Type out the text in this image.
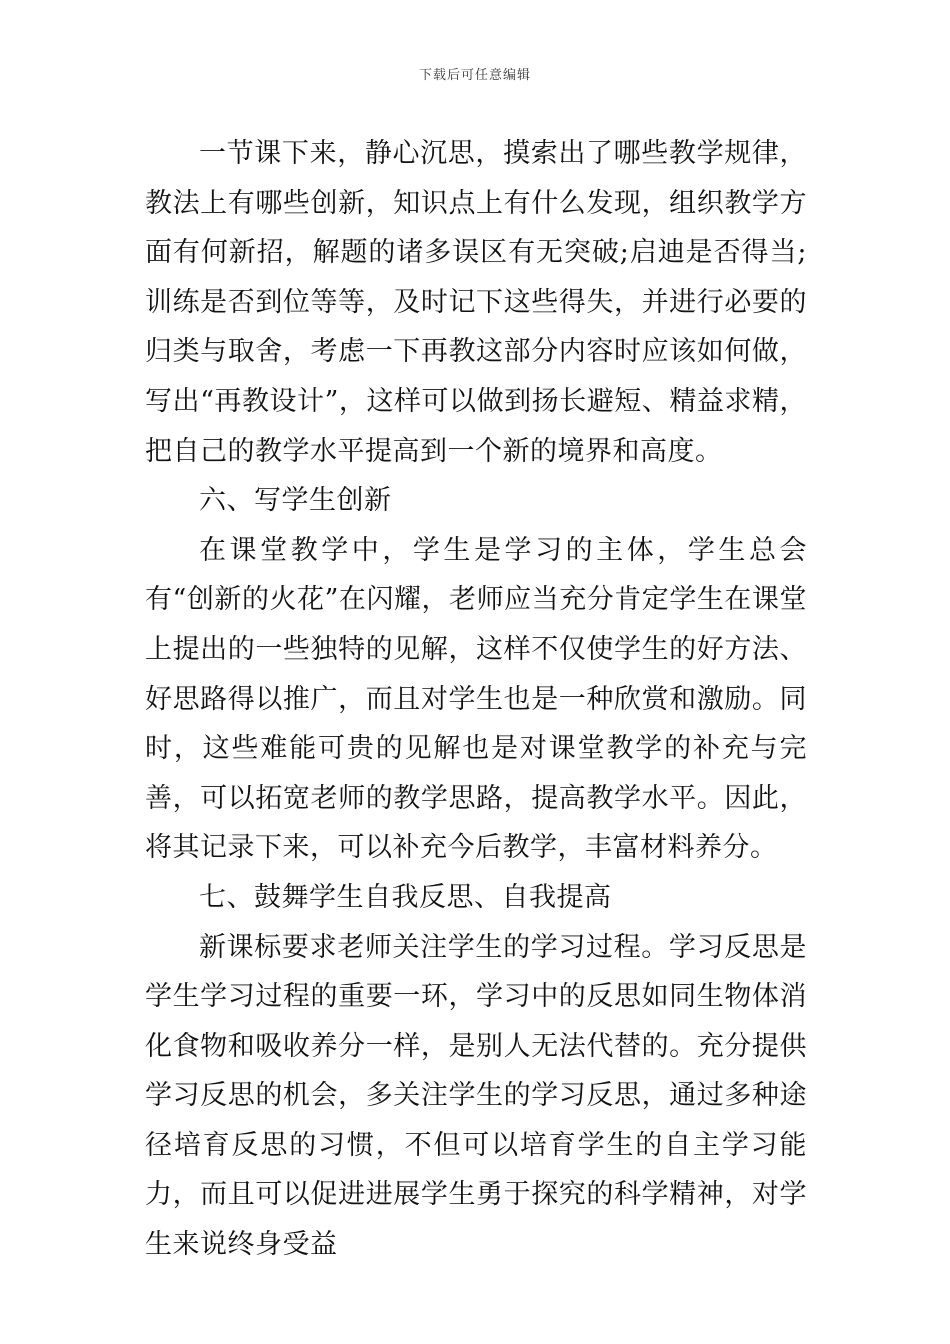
下载后可任意编辑

一节课下来，静心沉思，摸索出了哪些教学规律，教法上有哪些创新，知识点上有什么发现，组织教学方面有何新招，解题的诸多误区有无突破;启迪是否得当;训练是否到位等等，及时记下这些得失，并进行必要的归类与取舍，考虑一下再教这部分内容时应该如何做，写出“再教设计”，这样可以做到扬长避短、精益求精，把自己的教学水平提高到一个新的境界和高度。

六、写学生创新

在课堂教学中，学生是学习的主体，学生总会有“创新的火花”在闪耀，老师应当充分肯定学生在课堂上提出的一些独特的见解，这样不仅使学生的好方法、好思路得以推广，而且对学生也是一种欣赏和激励。同时，这些难能可贵的见解也是对课堂教学的补充与完善，可以拓宽老师的教学思路，提高教学水平。因此，将其记录下来，可以补充今后教学，丰富材料养分。

七、鼓舞学生自我反思、自我提高

新课标要求老师关注学生的学习过程。学习反思是学生学习过程的重要一环，学习中的反思如同生物体消化食物和吸收养分一样，是别人无法代替的。充分提供学习反思的机会，多关注学生的学习反思，通过多种途径培育反思的习惯，不但可以培育学生的自主学习能力，而且可以促进进展学生勇于探究的科学精神，对学生来说终身受益
